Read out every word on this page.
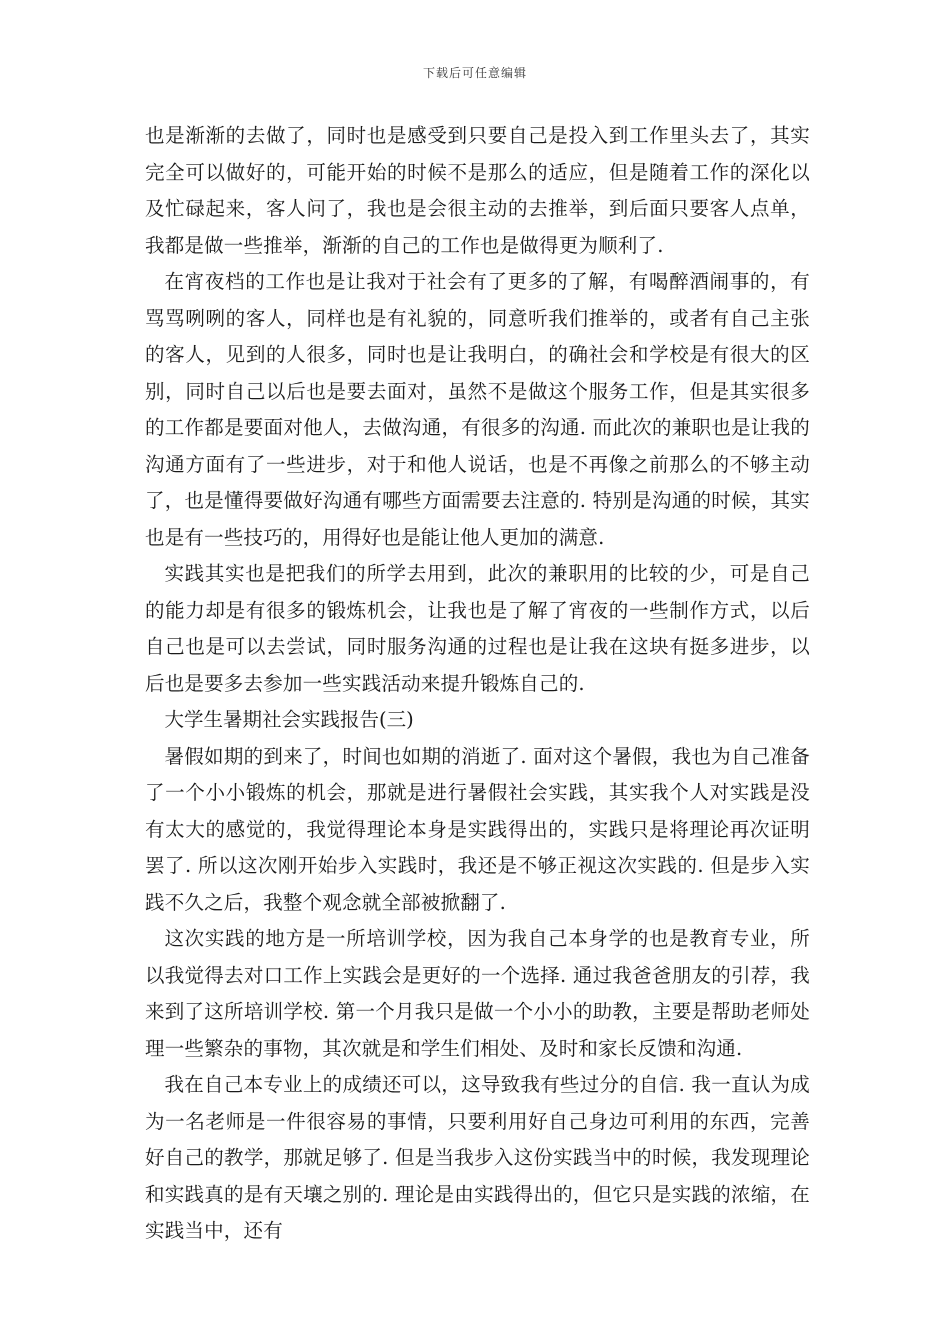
下载后可任意编辑

也是渐渐的去做了，同时也是感受到只要自己是投入到工作里头去了，其实完全可以做好的，可能开始的时候不是那么的适应，但是随着工作的深化以及忙碌起来，客人问了，我也是会很主动的去推举，到后面只要客人点单，我都是做一些推举，渐渐的自己的工作也是做得更为顺利了.

在宵夜档的工作也是让我对于社会有了更多的了解，有喝醉酒闹事的，有骂骂咧咧的客人，同样也是有礼貌的，同意听我们推举的，或者有自己主张的客人，见到的人很多，同时也是让我明白，的确社会和学校是有很大的区别，同时自己以后也是要去面对，虽然不是做这个服务工作，但是其实很多的工作都是要面对他人，去做沟通，有很多的沟通. 而此次的兼职也是让我的沟通方面有了一些进步，对于和他人说话，也是不再像之前那么的不够主动了，也是懂得要做好沟通有哪些方面需要去注意的. 特别是沟通的时候，其实也是有一些技巧的，用得好也是能让他人更加的满意.

实践其实也是把我们的所学去用到，此次的兼职用的比较的少，可是自己的能力却是有很多的锻炼机会，让我也是了解了宵夜的一些制作方式，以后自己也是可以去尝试，同时服务沟通的过程也是让我在这块有挺多进步，以后也是要多去参加一些实践活动来提升锻炼自己的.

大学生暑期社会实践报告(三)

暑假如期的到来了，时间也如期的消逝了. 面对这个暑假，我也为自己准备了一个小小锻炼的机会，那就是进行暑假社会实践，其实我个人对实践是没有太大的感觉的，我觉得理论本身是实践得出的，实践只是将理论再次证明罢了. 所以这次刚开始步入实践时，我还是不够正视这次实践的. 但是步入实践不久之后，我整个观念就全部被掀翻了.

这次实践的地方是一所培训学校，因为我自己本身学的也是教育专业，所以我觉得去对口工作上实践会是更好的一个选择. 通过我爸爸朋友的引荐，我来到了这所培训学校. 第一个月我只是做一个小小的助教，主要是帮助老师处理一些繁杂的事物，其次就是和学生们相处、及时和家长反馈和沟通.

我在自己本专业上的成绩还可以，这导致我有些过分的自信. 我一直认为成为一名老师是一件很容易的事情，只要利用好自己身边可利用的东西，完善好自己的教学，那就足够了. 但是当我步入这份实践当中的时候，我发现理论和实践真的是有天壤之别的. 理论是由实践得出的，但它只是实践的浓缩，在实践当中，还有
